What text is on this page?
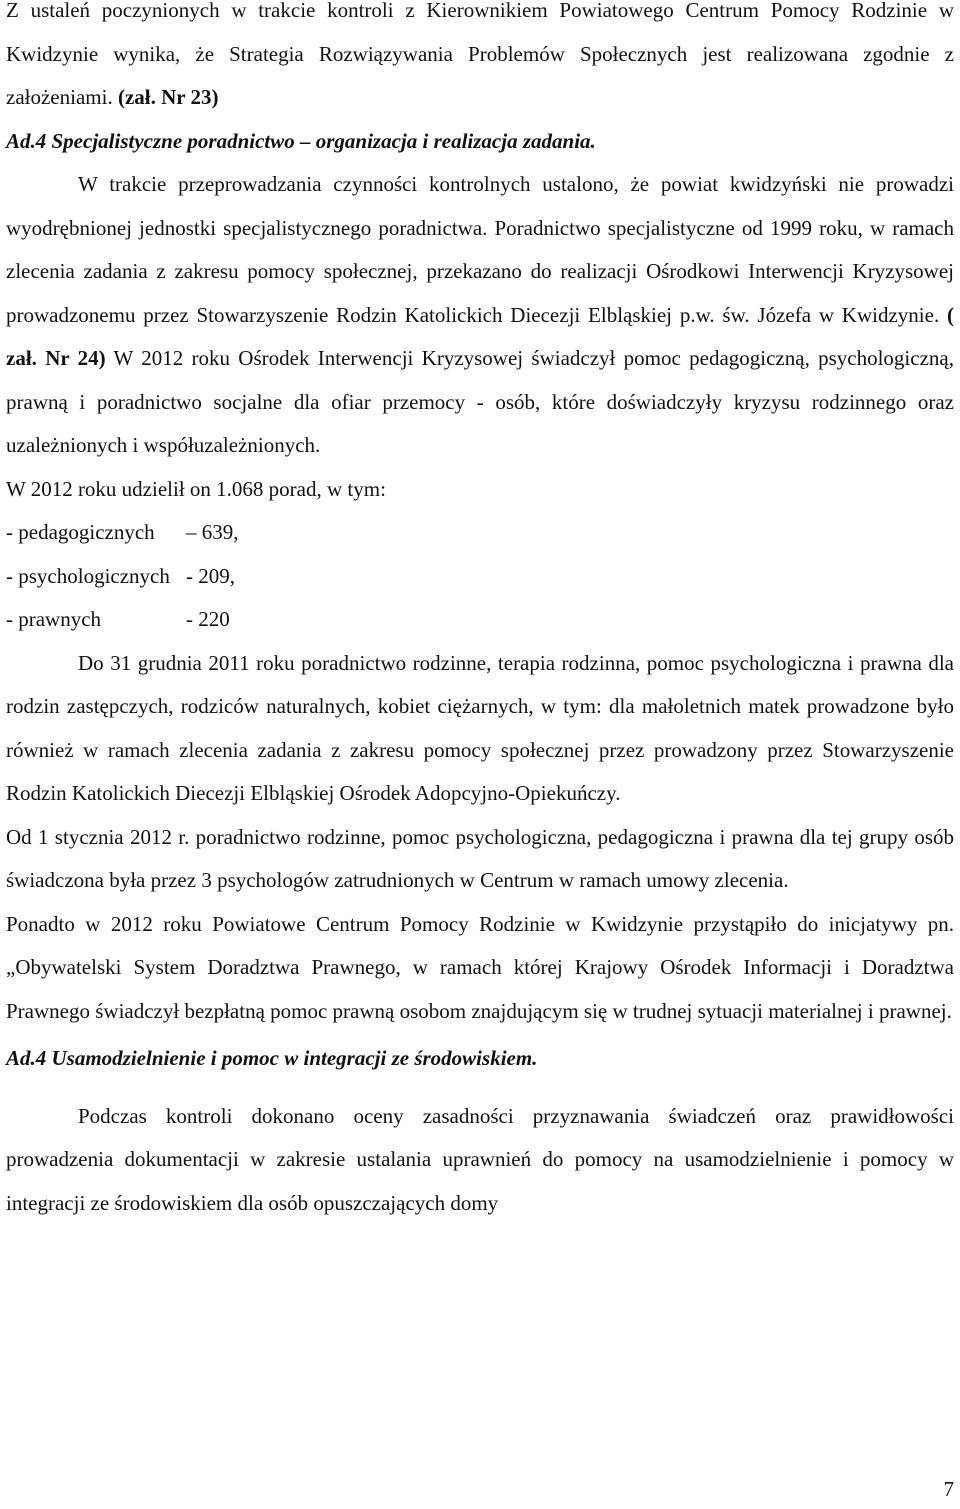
Z ustaleń poczynionych w trakcie kontroli z Kierownikiem Powiatowego Centrum Pomocy Rodzinie w Kwidzynie wynika, że Strategia Rozwiązywania Problemów Społecznych jest realizowana zgodnie z założeniami. (zał. Nr 23)

Ad.4 Specjalistyczne poradnictwo – organizacja i realizacja zadania.

W trakcie przeprowadzania czynności kontrolnych ustalono, że powiat kwidzyński nie prowadzi wyodrębnionej jednostki specjalistycznego poradnictwa. Poradnictwo specjalistyczne od 1999 roku, w ramach zlecenia zadania z zakresu pomocy społecznej, przekazano do realizacji Ośrodkowi Interwencji Kryzysowej prowadzonemu przez Stowarzyszenie Rodzin Katolickich Diecezji Elbląskiej p.w. św. Józefa w Kwidzynie. ( zał. Nr 24) W 2012 roku Ośrodek Interwencji Kryzysowej świadczył pomoc pedagogiczną, psychologiczną, prawną i poradnictwo socjalne dla ofiar przemocy - osób, które doświadczyły kryzysu rodzinnego oraz uzależnionych i współuzależnionych.

W 2012 roku udzielił on 1.068 porad, w tym:

- pedagogicznych	– 639,
- psychologicznych - 209,
- prawnych	- 220

Do 31 grudnia 2011 roku poradnictwo rodzinne, terapia rodzinna, pomoc psychologiczna i prawna dla rodzin zastępczych, rodziców naturalnych, kobiet ciężarnych, w tym: dla małoletnich matek prowadzone było również w ramach zlecenia zadania z zakresu pomocy społecznej przez prowadzony przez Stowarzyszenie Rodzin Katolickich Diecezji Elbląskiej Ośrodek Adopcyjno-Opiekuńczy.

Od 1 stycznia 2012 r. poradnictwo rodzinne, pomoc psychologiczna, pedagogiczna i prawna dla tej grupy osób świadczona była przez 3 psychologów zatrudnionych w Centrum w ramach umowy zlecenia.

Ponadto w 2012 roku Powiatowe Centrum Pomocy Rodzinie w Kwidzynie przystąpiło do inicjatywy pn. „Obywatelski System Doradztwa Prawnego, w ramach której Krajowy Ośrodek Informacji i Doradztwa Prawnego świadczył bezpłatną pomoc prawną osobom znajdującym się w trudnej sytuacji materialnej i prawnej.

Ad.4 Usamodzielnienie i pomoc w integracji ze środowiskiem.

Podczas kontroli dokonano oceny zasadności przyznawania świadczeń oraz prawidłowości prowadzenia dokumentacji w zakresie ustalania uprawnień do pomocy na usamodzielnienie i pomocy w integracji ze środowiskiem dla osób opuszczających domy

7
